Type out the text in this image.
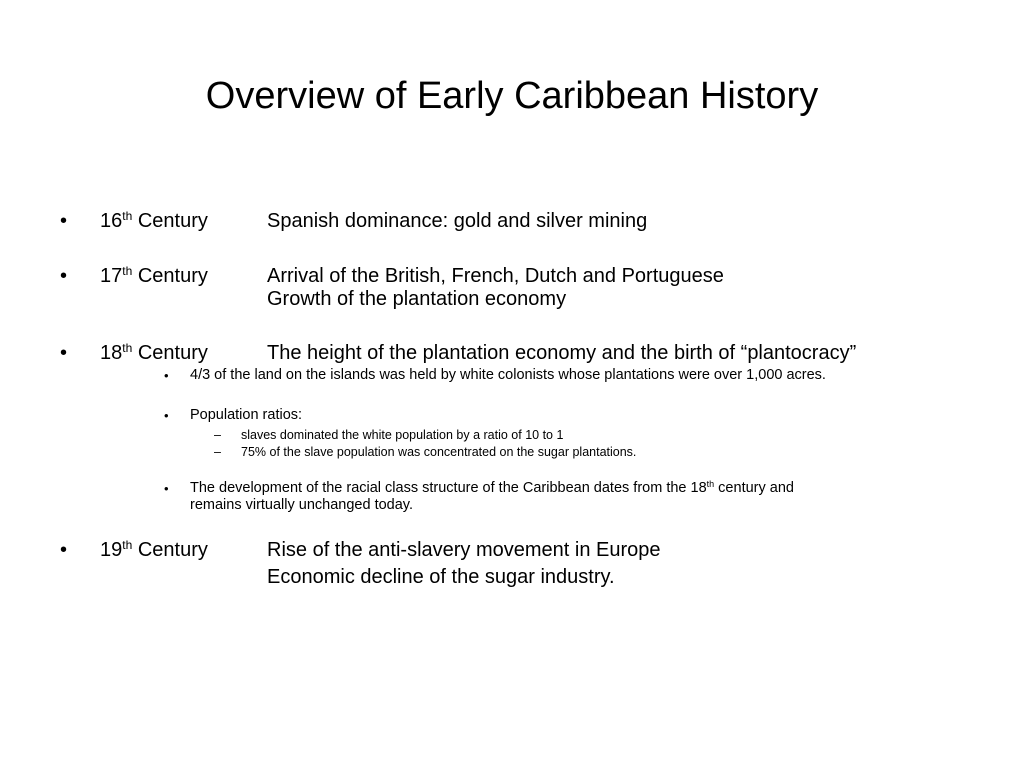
Overview of Early Caribbean History
• 16th Century	Spanish dominance: gold and silver mining
• 17th Century	Arrival of the British, French, Dutch and Portuguese
Growth of the plantation economy
• 18th Century	The height of the plantation economy and the birth of “plantocracy”
• 4/3 of the land on the islands was held by white colonists whose plantations were over 1,000 acres.
• Population ratios:
– slaves dominated the white population by a ratio of 10 to 1
– 75% of the slave population was concentrated on the sugar plantations.
• The development of the racial class structure of the Caribbean dates from the 18th century and
remains virtually unchanged today.
• 19th Century	Rise of the anti-slavery movement in Europe
Economic decline of the sugar industry.
